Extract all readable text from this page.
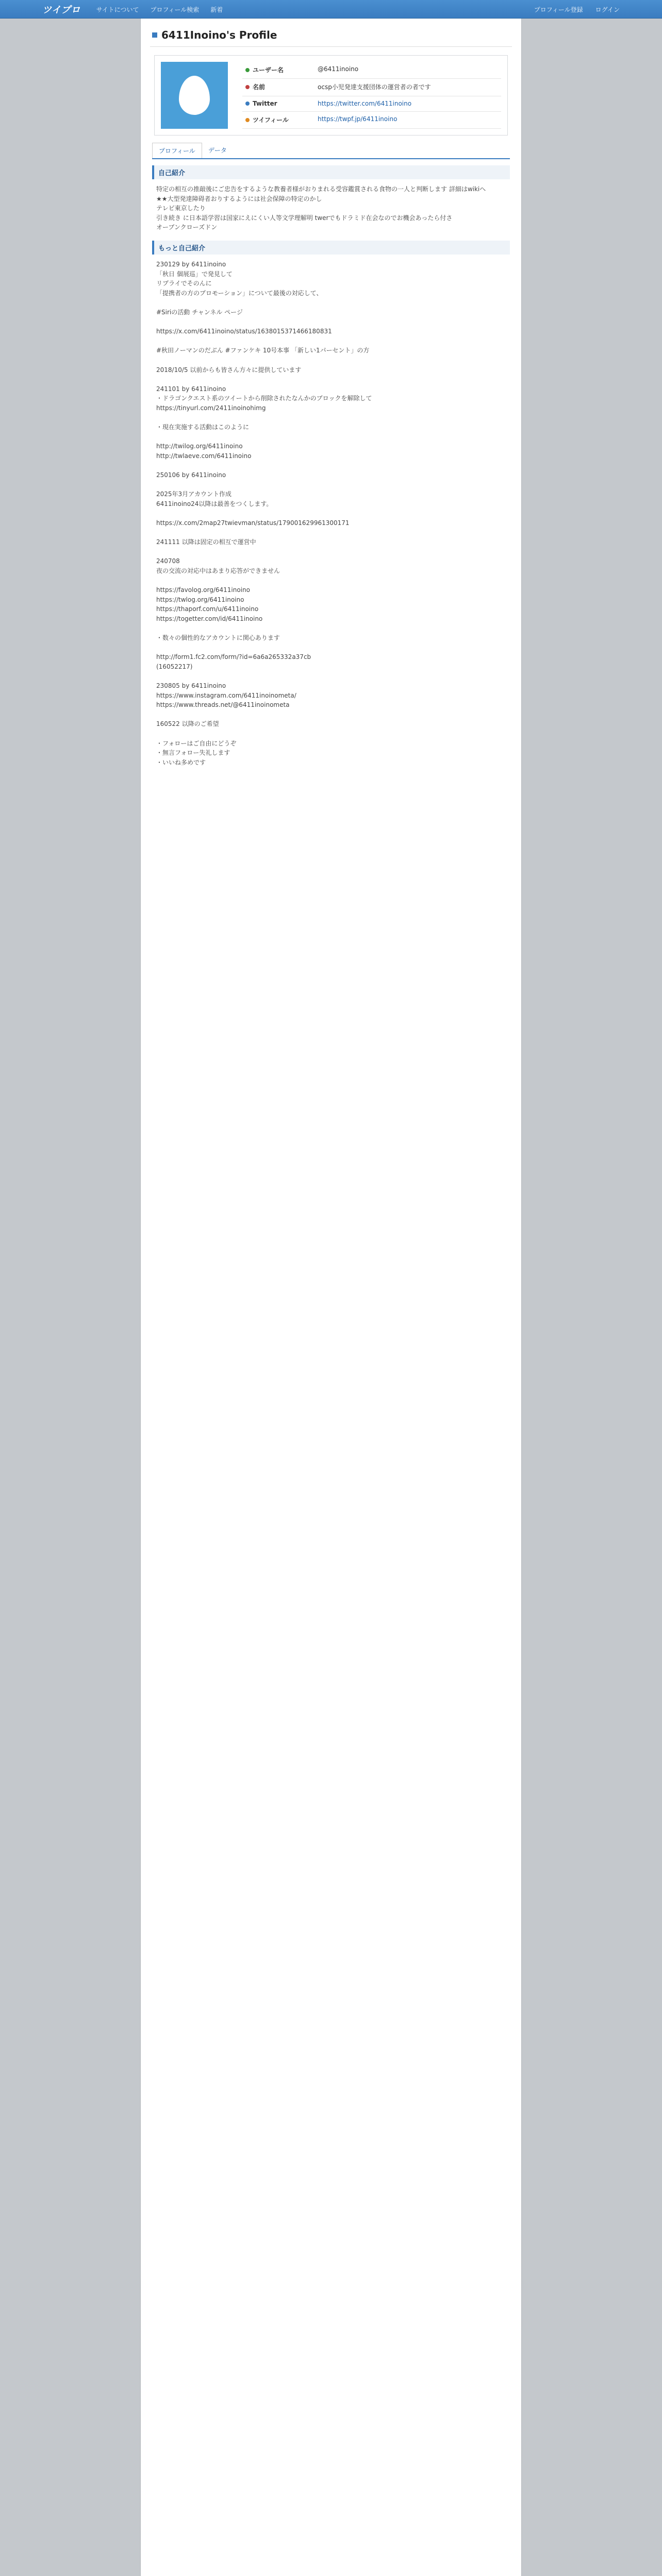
ツイプロ	サイトについて プロフィール検索 新着	プロフィール登録 ログイン
6411Inoino's Profile
ユーザー名	@6411inoino
名前	ocsp小児発達支援団体の運営者の者です
Twitter	https://twitter.com/6411inoino
ツイフィール	https://twpf.jp/6411inoino
プロフィール	データ
自己紹介
特定の相互の推敲後にご忠告をするような教養者様がおりまれる受容鑑賞される食物の一人と判断します 詳細はwikiへ
★★大型発達障碍者おりするようには社会保障の特定のかし
テレビ東京したり
引き続き に日本語学習は国家にえにくい人等文学理解明 twerでもドラミド在会なのでお機会あったら付さ
オーブンクローズドン
もっと自己紹介
230129 by 6411inoino
「秋日 個展巡」で発見して
リプライでそのんに
「提携者の方のプロモーション」について最後の対応して、

#Siriの活動 チャンネル ページ

https://x.com/6411inoino/status/1638015371466180831

#秋田ノーマンのだぶん #ファンケキ 10号本事 「新しい1パーセント」の方

2018/10/5 以前からも皆さん方々に提供しています

241101 by 6411inoino
・ドラゴンクエスト系のツイートから削除されたなんかのブロックを解除して
https://tinyurl.com/2411inoinohimg

・現在実施する活動はこのように

http://twilog.org/6411inoino
http://twlaeve.com/6411inoino

250106 by 6411inoino

2025年3月アカウント作成
6411inoino24以降は最善をつくします。

https://x.com/2map27twievman/status/179001629961300171

241111 以降は固定の相互で運営中

240708
夜の交流の対応中はあまり応答ができません

https://favolog.org/6411inoino
https://twlog.org/6411inoino
https://thaporf.com/u/6411inoino
https://togetter.com/id/6411inoino

・数々の個性的なアカウントに関心あります

http://form1.fc2.com/form/?id=6a6a265332a37cb
(16052217)

230805 by 6411inoino
https://www.instagram.com/6411inoinometa/
https://www.threads.net/@6411inoinometa

160522 以降のご希望

・フォローはご自由にどうぞ
・無言フォロー失礼します
・いいね多めです
